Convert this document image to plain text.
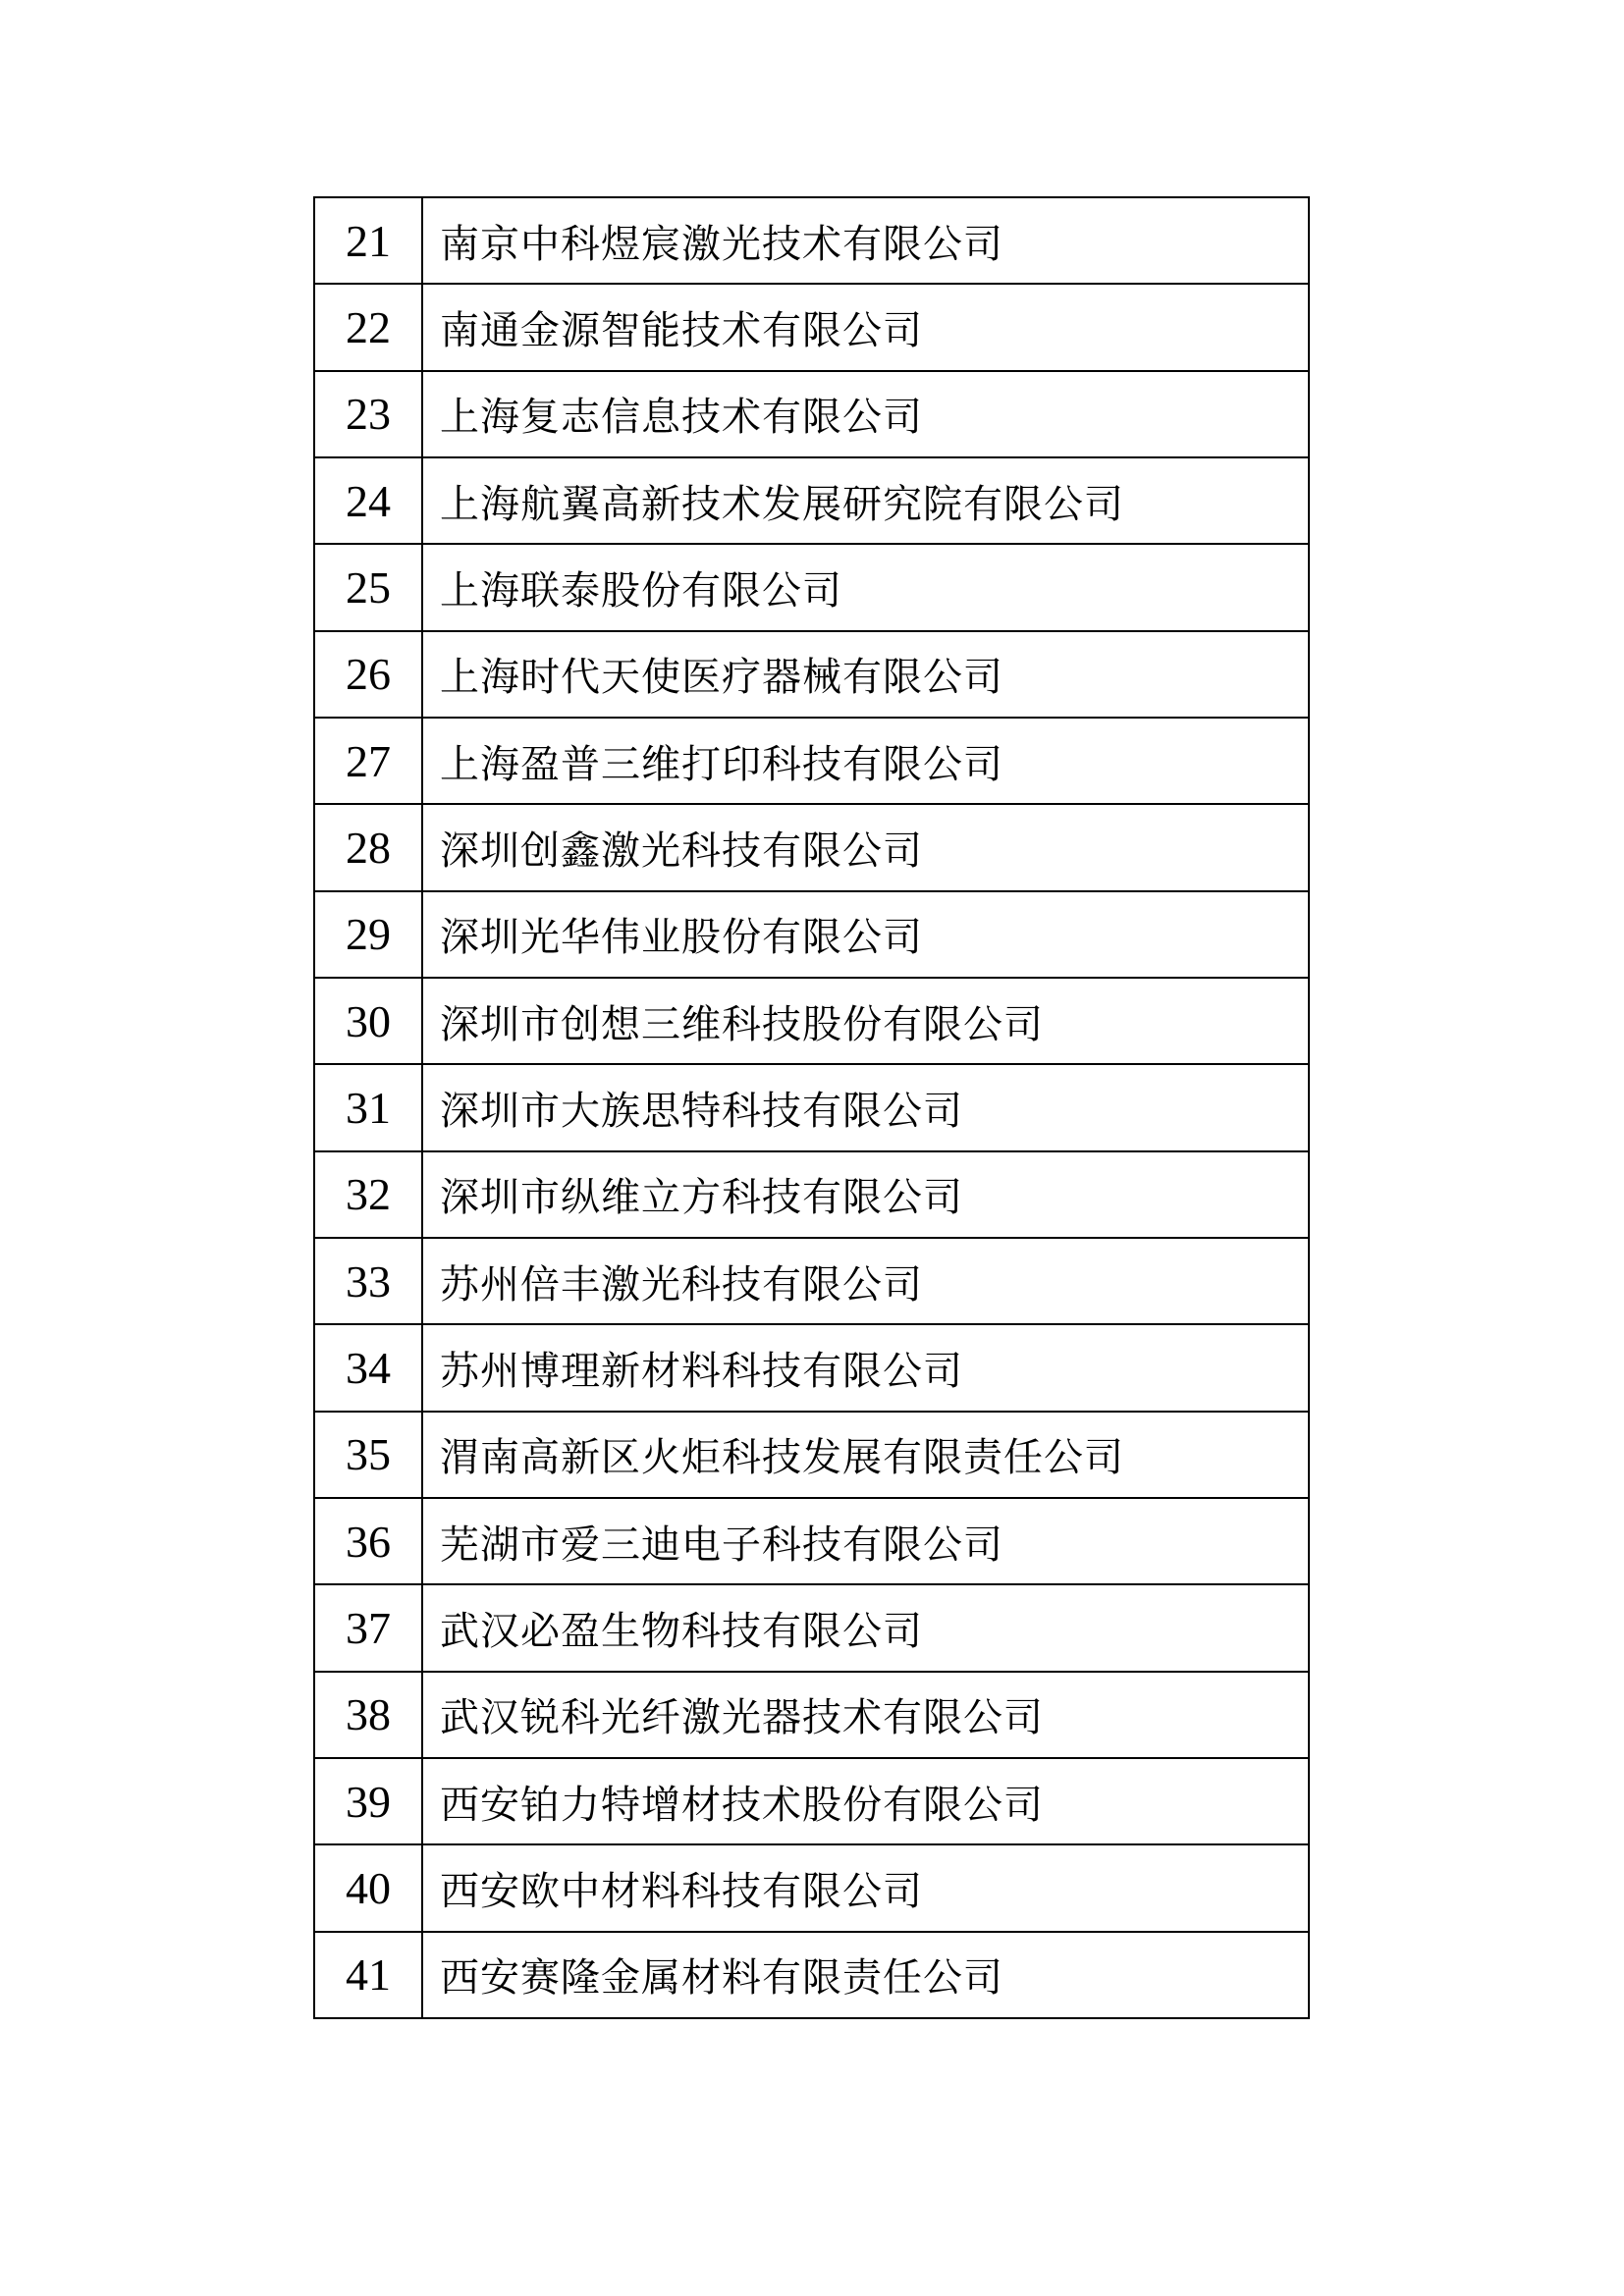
21	南京中科煜宸激光技术有限公司
22	南通金源智能技术有限公司
23	上海复志信息技术有限公司
24	上海航翼高新技术发展研究院有限公司
25	上海联泰股份有限公司
26	上海时代天使医疗器械有限公司
27	上海盈普三维打印科技有限公司
28	深圳创鑫激光科技有限公司
29	深圳光华伟业股份有限公司
30	深圳市创想三维科技股份有限公司
31	深圳市大族思特科技有限公司
32	深圳市纵维立方科技有限公司
33	苏州倍丰激光科技有限公司
34	苏州博理新材料科技有限公司
35	渭南高新区火炬科技发展有限责任公司
36	芜湖市爱三迪电子科技有限公司
37	武汉必盈生物科技有限公司
38	武汉锐科光纤激光器技术有限公司
39	西安铂力特增材技术股份有限公司
40	西安欧中材料科技有限公司
41	西安赛隆金属材料有限责任公司
